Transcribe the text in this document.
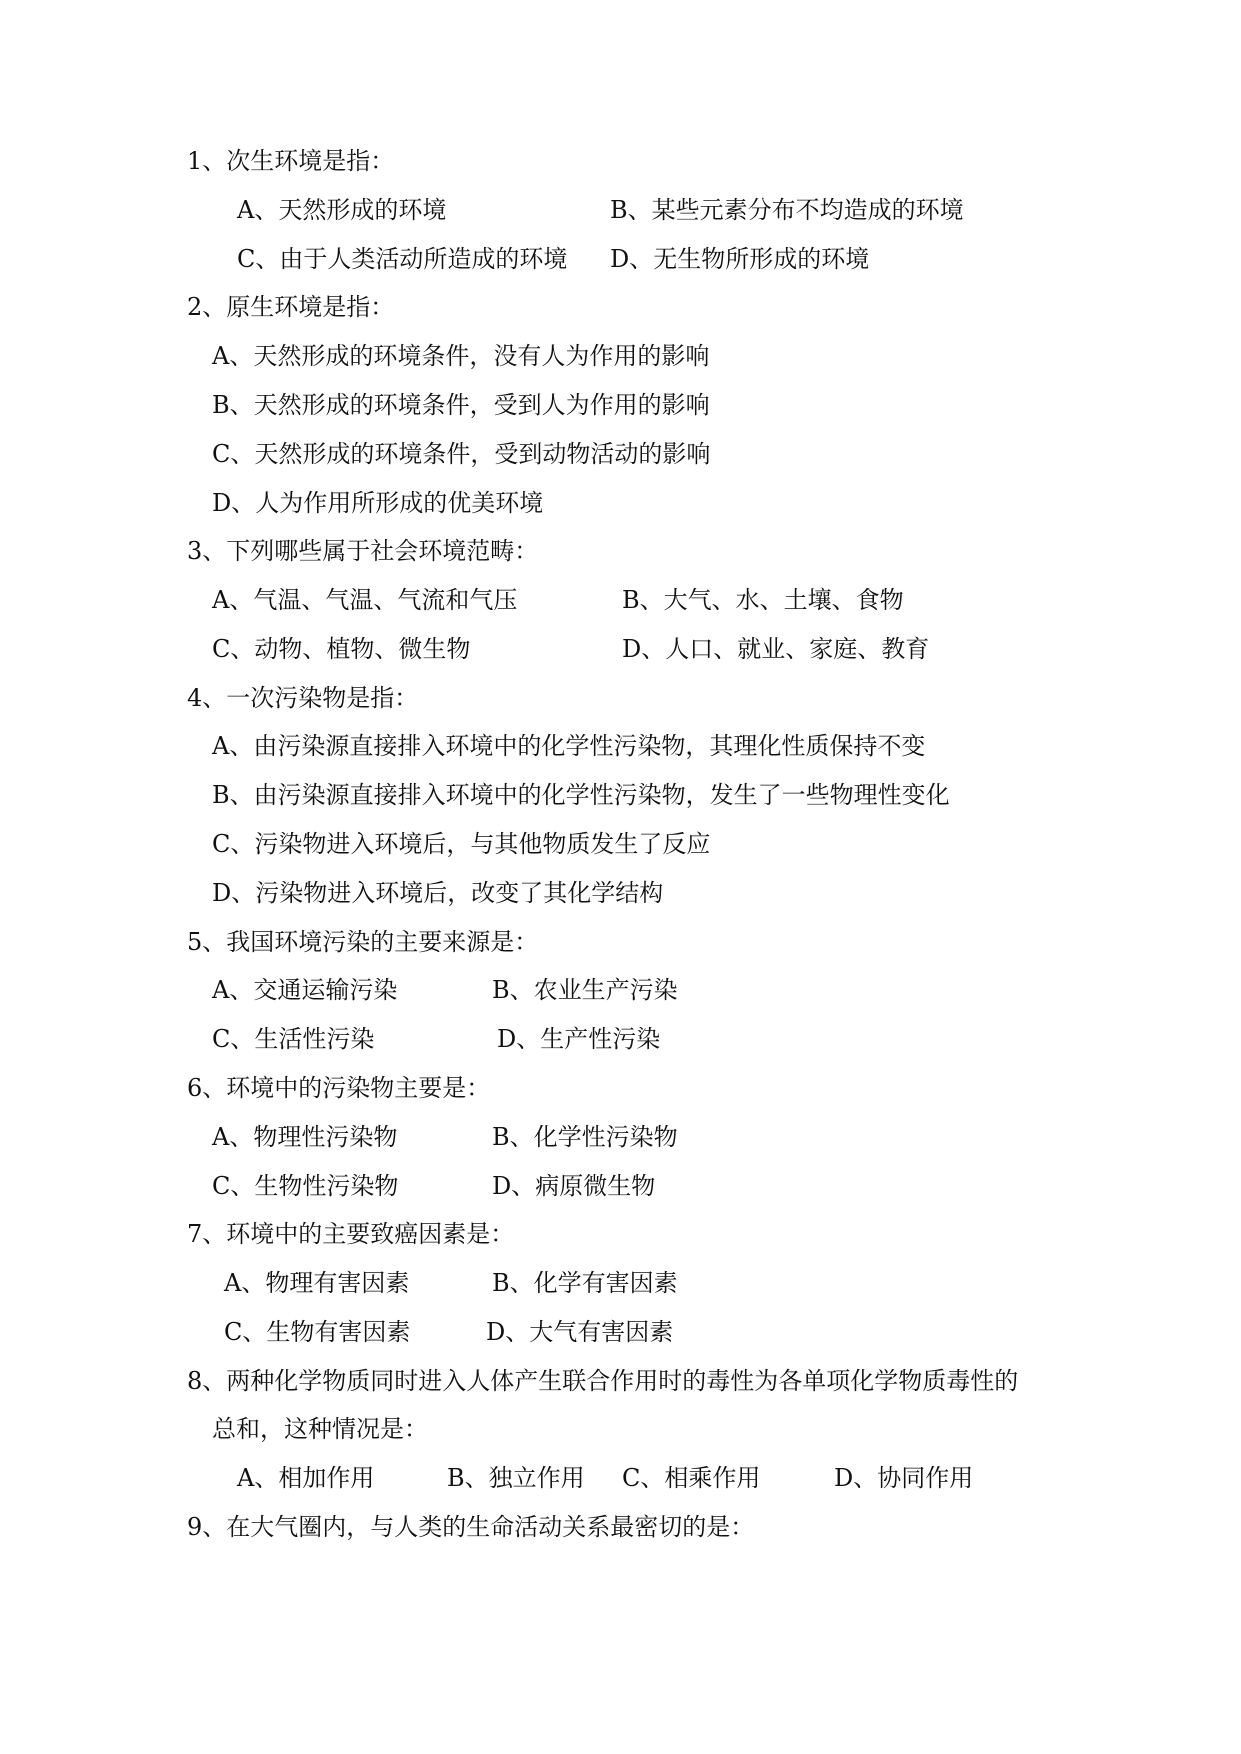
1、次生环境是指：
A、天然形成的环境	B、某些元素分布不均造成的环境
C、由于人类活动所造成的环境 D、无生物所形成的环境
2、原生环境是指：
A、天然形成的环境条件，没有人为作用的影响
B、天然形成的环境条件，受到人为作用的影响
C、天然形成的环境条件，受到动物活动的影响
D、人为作用所形成的优美环境
3、下列哪些属于社会环境范畴：
A、气温、气温、气流和气压	B、大气、水、土壤、食物
C、动物、植物、微生物	D、人口、就业、家庭、教育
4、一次污染物是指：
A、由污染源直接排入环境中的化学性污染物，其理化性质保持不变
B、由污染源直接排入环境中的化学性污染物，发生了一些物理性变化
C、污染物进入环境后，与其他物质发生了反应
D、污染物进入环境后，改变了其化学结构
5、我国环境污染的主要来源是：
A、交通运输污染	B、农业生产污染
C、生活性污染	D、生产性污染
6、环境中的污染物主要是：
A、物理性污染物	B、化学性污染物
C、生物性污染物	D、病原微生物
7、环境中的主要致癌因素是：
A、物理有害因素	B、化学有害因素
C、生物有害因素	D、大气有害因素
8、两种化学物质同时进入人体产生联合作用时的毒性为各单项化学物质毒性的
总和，这种情况是：
A、相加作用	B、独立作用 C、相乘作用	D、协同作用
9、在大气圈内，与人类的生命活动关系最密切的是：
